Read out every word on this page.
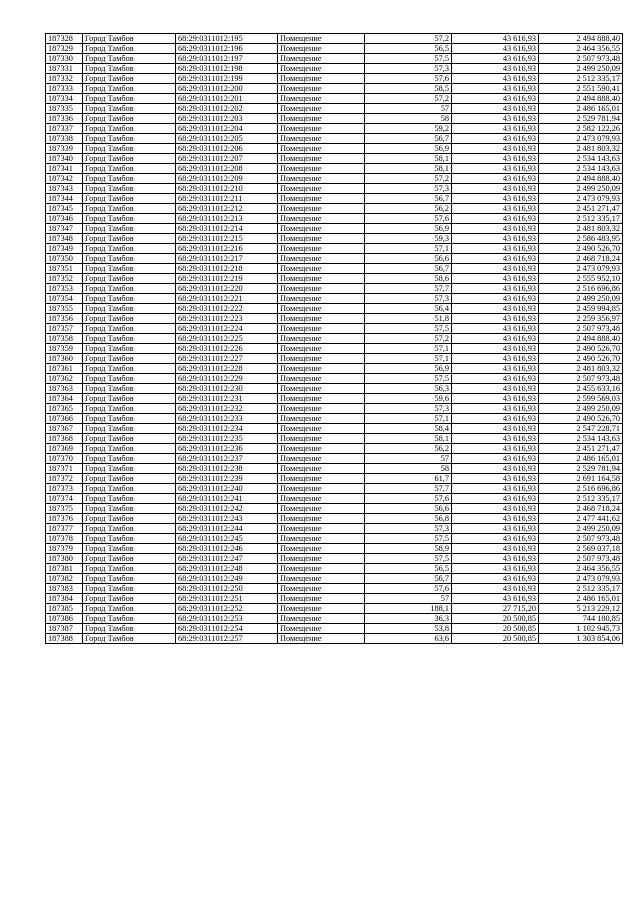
187328	Город Тамбов	68:29:0311012:195	Помещение	57,2	43 616,93	2 494 888,40
187329	Город Тамбов	68:29:0311012:196	Помещение	56,5	43 616,93	2 464 356,55
187330	Город Тамбов	68:29:0311012:197	Помещение	57,5	43 616,93	2 507 973,48
187331	Город Тамбов	68:29:0311012:198	Помещение	57,3	43 616,93	2 499 250,09
187332	Город Тамбов	68:29:0311012:199	Помещение	57,6	43 616,93	2 512 335,17
187333	Город Тамбов	68:29:0311012:200	Помещение	58,5	43 616,93	2 551 590,41
187334	Город Тамбов	68:29:0311012:201	Помещение	57,2	43 616,93	2 494 888,40
187335	Город Тамбов	68:29:0311012:202	Помещение	57	43 616,93	2 486 165,01
187336	Город Тамбов	68:29:0311012:203	Помещение	58	43 616,93	2 529 781,94
187337	Город Тамбов	68:29:0311012:204	Помещение	59,2	43 616,93	2 582 122,26
187338	Город Тамбов	68:29:0311012:205	Помещение	56,7	43 616,93	2 473 079,93
187339	Город Тамбов	68:29:0311012:206	Помещение	56,9	43 616,93	2 481 803,32
187340	Город Тамбов	68:29:0311012:207	Помещение	58,1	43 616,93	2 534 143,63
187341	Город Тамбов	68:29:0311012:208	Помещение	58,1	43 616,93	2 534 143,63
187342	Город Тамбов	68:29:0311012:209	Помещение	57,2	43 616,93	2 494 888,40
187343	Город Тамбов	68:29:0311012:210	Помещение	57,3	43 616,93	2 499 250,09
187344	Город Тамбов	68:29:0311012:211	Помещение	56,7	43 616,93	2 473 079,93
187345	Город Тамбов	68:29:0311012:212	Помещение	56,2	43 616,93	2 451 271,47
187346	Город Тамбов	68:29:0311012:213	Помещение	57,6	43 616,93	2 512 335,17
187347	Город Тамбов	68:29:0311012:214	Помещение	56,9	43 616,93	2 481 803,32
187348	Город Тамбов	68:29:0311012:215	Помещение	59,3	43 616,93	2 586 483,95
187349	Город Тамбов	68:29:0311012:216	Помещение	57,1	43 616,93	2 490 526,70
187350	Город Тамбов	68:29:0311012:217	Помещение	56,6	43 616,93	2 468 718,24
187351	Город Тамбов	68:29:0311012:218	Помещение	56,7	43 616,93	2 473 079,93
187352	Город Тамбов	68:29:0311012:219	Помещение	58,6	43 616,93	2 555 952,10
187353	Город Тамбов	68:29:0311012:220	Помещение	57,7	43 616,93	2 516 696,86
187354	Город Тамбов	68:29:0311012:221	Помещение	57,3	43 616,93	2 499 250,09
187355	Город Тамбов	68:29:0311012:222	Помещение	56,4	43 616,93	2 459 994,85
187356	Город Тамбов	68:29:0311012:223	Помещение	51,8	43 616,93	2 259 356,97
187357	Город Тамбов	68:29:0311012:224	Помещение	57,5	43 616,93	2 507 973,48
187358	Город Тамбов	68:29:0311012:225	Помещение	57,2	43 616,93	2 494 888,40
187359	Город Тамбов	68:29:0311012:226	Помещение	57,1	43 616,93	2 490 526,70
187360	Город Тамбов	68:29:0311012:227	Помещение	57,1	43 616,93	2 490 526,70
187361	Город Тамбов	68:29:0311012:228	Помещение	56,9	43 616,93	2 481 803,32
187362	Город Тамбов	68:29:0311012:229	Помещение	57,5	43 616,93	2 507 973,48
187363	Город Тамбов	68:29:0311012:230	Помещение	56,3	43 616,93	2 455 633,16
187364	Город Тамбов	68:29:0311012:231	Помещение	59,6	43 616,93	2 599 569,03
187365	Город Тамбов	68:29:0311012:232	Помещение	57,3	43 616,93	2 499 250,09
187366	Город Тамбов	68:29:0311012:233	Помещение	57,1	43 616,93	2 490 526,70
187367	Город Тамбов	68:29:0311012:234	Помещение	58,4	43 616,93	2 547 228,71
187368	Город Тамбов	68:29:0311012:235	Помещение	58,1	43 616,93	2 534 143,63
187369	Город Тамбов	68:29:0311012:236	Помещение	56,2	43 616,93	2 451 271,47
187370	Город Тамбов	68:29:0311012:237	Помещение	57	43 616,93	2 486 165,01
187371	Город Тамбов	68:29:0311012:238	Помещение	58	43 616,93	2 529 781,94
187372	Город Тамбов	68:29:0311012:239	Помещение	61,7	43 616,93	2 691 164,58
187373	Город Тамбов	68:29:0311012:240	Помещение	57,7	43 616,93	2 516 696,86
187374	Город Тамбов	68:29:0311012:241	Помещение	57,6	43 616,93	2 512 335,17
187375	Город Тамбов	68:29:0311012:242	Помещение	56,6	43 616,93	2 468 718,24
187376	Город Тамбов	68:29:0311012:243	Помещение	56,8	43 616,93	2 477 441,62
187377	Город Тамбов	68:29:0311012:244	Помещение	57,3	43 616,93	2 499 250,09
187378	Город Тамбов	68:29:0311012:245	Помещение	57,5	43 616,93	2 507 973,48
187379	Город Тамбов	68:29:0311012:246	Помещение	58,9	43 616,93	2 569 037,18
187380	Город Тамбов	68:29:0311012:247	Помещение	57,5	43 616,93	2 507 973,48
187381	Город Тамбов	68:29:0311012:248	Помещение	56,5	43 616,93	2 464 356,55
187382	Город Тамбов	68:29:0311012:249	Помещение	56,7	43 616,93	2 473 079,93
187383	Город Тамбов	68:29:0311012:250	Помещение	57,6	43 616,93	2 512 335,17
187384	Город Тамбов	68:29:0311012:251	Помещение	57	43 616,93	2 486 165,01
187385	Город Тамбов	68:29:0311012:252	Помещение	188,1	27 715,20	5 213 229,12
187386	Город Тамбов	68:29:0311012:253	Помещение	36,3	20 500,85	744 180,85
187387	Город Тамбов	68:29:0311012:254	Помещение	53,8	20 500,85	1 102 945,73
187388	Город Тамбов	68:29:0311012:257	Помещение	63,6	20 500,85	1 303 854,06
